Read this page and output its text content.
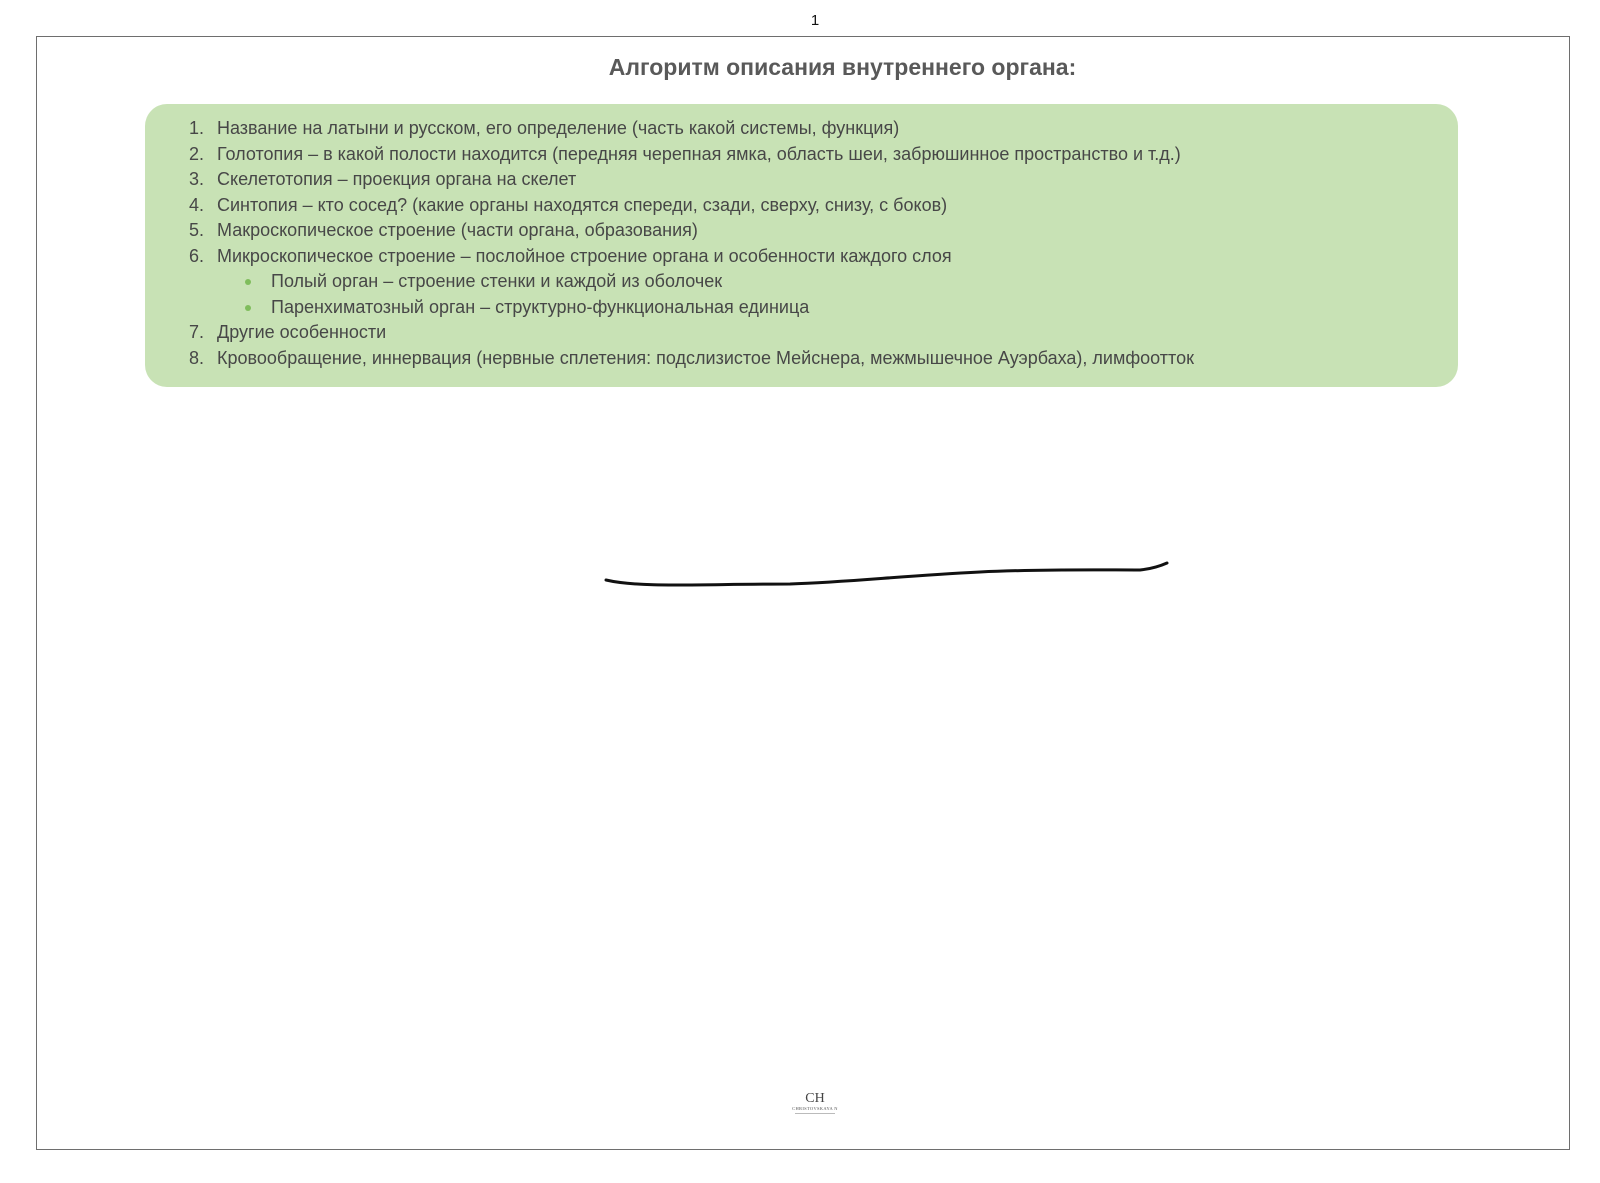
1
Алгоритм описания внутреннего органа:
1. Название на латыни и русском, его определение (часть какой системы, функция)
2. Голотопия – в какой полости находится (передняя черепная ямка, область шеи, забрюшинное пространство и т.д.)
3. Скелетотопия – проекция органа на скелет
4. Синтопия – кто сосед? (какие органы находятся спереди, сзади, сверху, снизу, с боков)
5. Макроскопическое строение (части органа, образования)
6. Микроскопическое строение – послойное строение органа и особенности каждого слоя
Полый орган – строение стенки и каждой из оболочек
Паренхиматозный орган – структурно-функциональная единица
7. Другие особенности
8. Кровообращение, иннервация (нервные сплетения: подслизистое Мейснера, межмышечное Ауэрбаха), лимфоотток
CH
CHRISTOVSKAYA N
